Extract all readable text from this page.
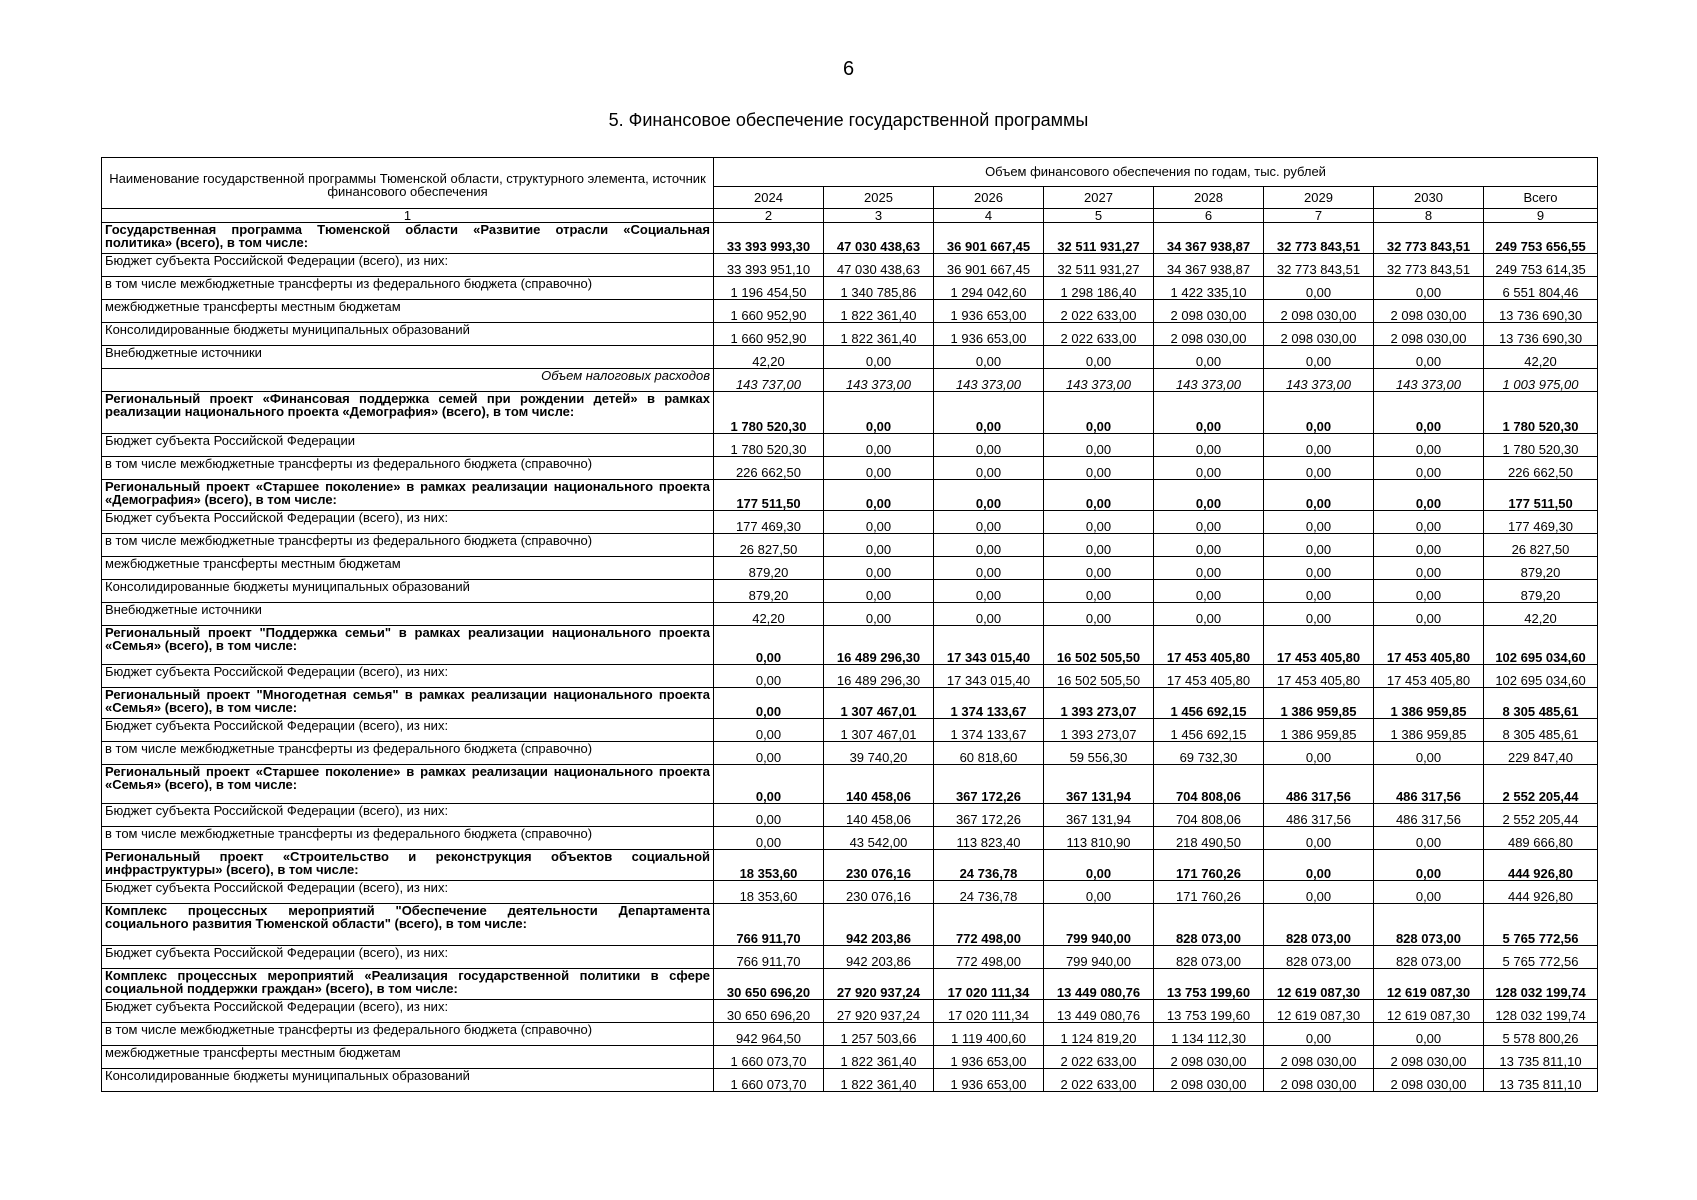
6
5. Финансовое обеспечение государственной программы
Наименование государственной программы Тюменской области, структурного элемента, источник финансового обеспечения	Объем финансового обеспечения по годам, тыс. рублей							
	2024	2025	2026	2027	2028	2029	2030	Всего
1	2	3	4	5	6	7	8	9
Государственная программа Тюменской области «Развитие отрасли «Социальная политика» (всего), в том числе:	33 393 993,30	47 030 438,63	36 901 667,45	32 511 931,27	34 367 938,87	32 773 843,51	32 773 843,51	249 753 656,55
Бюджет субъекта Российской Федерации (всего), из них:	33 393 951,10	47 030 438,63	36 901 667,45	32 511 931,27	34 367 938,87	32 773 843,51	32 773 843,51	249 753 614,35
в том числе межбюджетные трансферты из федерального бюджета (справочно)	1 196 454,50	1 340 785,86	1 294 042,60	1 298 186,40	1 422 335,10	0,00	0,00	6 551 804,46
межбюджетные трансферты местным бюджетам	1 660 952,90	1 822 361,40	1 936 653,00	2 022 633,00	2 098 030,00	2 098 030,00	2 098 030,00	13 736 690,30
Консолидированные бюджеты муниципальных образований	1 660 952,90	1 822 361,40	1 936 653,00	2 022 633,00	2 098 030,00	2 098 030,00	2 098 030,00	13 736 690,30
Внебюджетные источники	42,20	0,00	0,00	0,00	0,00	0,00	0,00	42,20
Объем налоговых расходов	143 737,00	143 373,00	143 373,00	143 373,00	143 373,00	143 373,00	143 373,00	1 003 975,00
Региональный проект «Финансовая поддержка семей при рождении детей» в рамках реализации национального проекта «Демография» (всего), в том числе:	1 780 520,30	0,00	0,00	0,00	0,00	0,00	0,00	1 780 520,30
Бюджет субъекта Российской Федерации	1 780 520,30	0,00	0,00	0,00	0,00	0,00	0,00	1 780 520,30
в том числе межбюджетные трансферты из федерального бюджета (справочно)	226 662,50	0,00	0,00	0,00	0,00	0,00	0,00	226 662,50
Региональный проект «Старшее поколение» в рамках реализации национального проекта «Демография» (всего), в том числе:	177 511,50	0,00	0,00	0,00	0,00	0,00	0,00	177 511,50
Бюджет субъекта Российской Федерации (всего), из них:	177 469,30	0,00	0,00	0,00	0,00	0,00	0,00	177 469,30
в том числе межбюджетные трансферты из федерального бюджета (справочно)	26 827,50	0,00	0,00	0,00	0,00	0,00	0,00	26 827,50
межбюджетные трансферты местным бюджетам	879,20	0,00	0,00	0,00	0,00	0,00	0,00	879,20
Консолидированные бюджеты муниципальных образований	879,20	0,00	0,00	0,00	0,00	0,00	0,00	879,20
Внебюджетные источники	42,20	0,00	0,00	0,00	0,00	0,00	0,00	42,20
Региональный проект "Поддержка семьи" в рамках реализации национального проекта «Семья» (всего), в том числе:	0,00	16 489 296,30	17 343 015,40	16 502 505,50	17 453 405,80	17 453 405,80	17 453 405,80	102 695 034,60
Бюджет субъекта Российской Федерации (всего), из них:	0,00	16 489 296,30	17 343 015,40	16 502 505,50	17 453 405,80	17 453 405,80	17 453 405,80	102 695 034,60
Региональный проект "Многодетная семья" в рамках реализации национального проекта «Семья» (всего), в том числе:	0,00	1 307 467,01	1 374 133,67	1 393 273,07	1 456 692,15	1 386 959,85	1 386 959,85	8 305 485,61
Бюджет субъекта Российской Федерации (всего), из них:	0,00	1 307 467,01	1 374 133,67	1 393 273,07	1 456 692,15	1 386 959,85	1 386 959,85	8 305 485,61
в том числе межбюджетные трансферты из федерального бюджета (справочно)	0,00	39 740,20	60 818,60	59 556,30	69 732,30	0,00	0,00	229 847,40
Региональный проект «Старшее поколение» в рамках реализации национального проекта «Семья» (всего), в том числе:	0,00	140 458,06	367 172,26	367 131,94	704 808,06	486 317,56	486 317,56	2 552 205,44
Бюджет субъекта Российской Федерации (всего), из них:	0,00	140 458,06	367 172,26	367 131,94	704 808,06	486 317,56	486 317,56	2 552 205,44
в том числе межбюджетные трансферты из федерального бюджета (справочно)	0,00	43 542,00	113 823,40	113 810,90	218 490,50	0,00	0,00	489 666,80
Региональный проект «Строительство и реконструкция объектов социальной инфраструктуры» (всего), в том числе:	18 353,60	230 076,16	24 736,78	0,00	171 760,26	0,00	0,00	444 926,80
Бюджет субъекта Российской Федерации (всего), из них:	18 353,60	230 076,16	24 736,78	0,00	171 760,26	0,00	0,00	444 926,80
Комплекс процессных мероприятий "Обеспечение деятельности Департамента социального развития Тюменской области" (всего), в том числе:	766 911,70	942 203,86	772 498,00	799 940,00	828 073,00	828 073,00	828 073,00	5 765 772,56
Бюджет субъекта Российской Федерации (всего), из них:	766 911,70	942 203,86	772 498,00	799 940,00	828 073,00	828 073,00	828 073,00	5 765 772,56
Комплекс процессных мероприятий «Реализация государственной политики в сфере социальной поддержки граждан» (всего), в том числе:	30 650 696,20	27 920 937,24	17 020 111,34	13 449 080,76	13 753 199,60	12 619 087,30	12 619 087,30	128 032 199,74
Бюджет субъекта Российской Федерации (всего), из них:	30 650 696,20	27 920 937,24	17 020 111,34	13 449 080,76	13 753 199,60	12 619 087,30	12 619 087,30	128 032 199,74
в том числе межбюджетные трансферты из федерального бюджета (справочно)	942 964,50	1 257 503,66	1 119 400,60	1 124 819,20	1 134 112,30	0,00	0,00	5 578 800,26
межбюджетные трансферты местным бюджетам	1 660 073,70	1 822 361,40	1 936 653,00	2 022 633,00	2 098 030,00	2 098 030,00	2 098 030,00	13 735 811,10
Консолидированные бюджеты муниципальных образований	1 660 073,70	1 822 361,40	1 936 653,00	2 022 633,00	2 098 030,00	2 098 030,00	2 098 030,00	13 735 811,10
